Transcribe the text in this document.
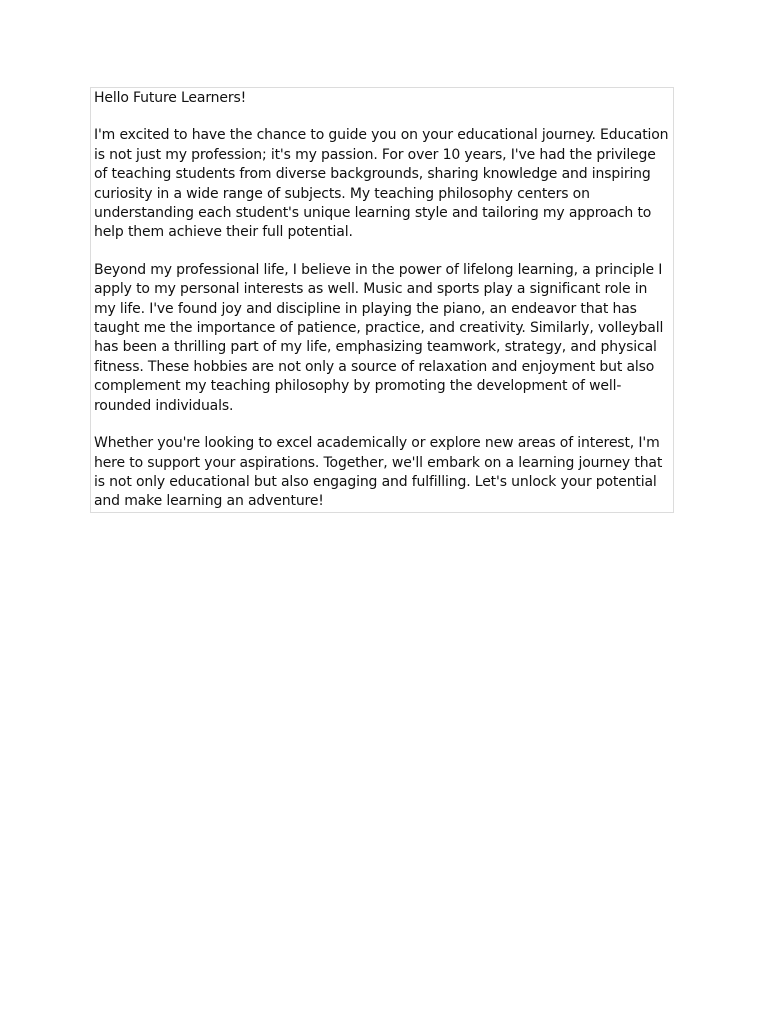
Hello Future Learners!

I'm excited to have the chance to guide you on your educational journey. Education is not just my profession; it's my passion. For over 10 years, I've had the privilege of teaching students from diverse backgrounds, sharing knowledge and inspiring curiosity in a wide range of subjects. My teaching philosophy centers on understanding each student's unique learning style and tailoring my approach to help them achieve their full potential.

Beyond my professional life, I believe in the power of lifelong learning, a principle I apply to my personal interests as well. Music and sports play a significant role in my life. I've found joy and discipline in playing the piano, an endeavor that has taught me the importance of patience, practice, and creativity. Similarly, volleyball has been a thrilling part of my life, emphasizing teamwork, strategy, and physical fitness. These hobbies are not only a source of relaxation and enjoyment but also complement my teaching philosophy by promoting the development of well-rounded individuals.

Whether you're looking to excel academically or explore new areas of interest, I'm here to support your aspirations. Together, we'll embark on a learning journey that is not only educational but also engaging and fulfilling. Let's unlock your potential and make learning an adventure!
